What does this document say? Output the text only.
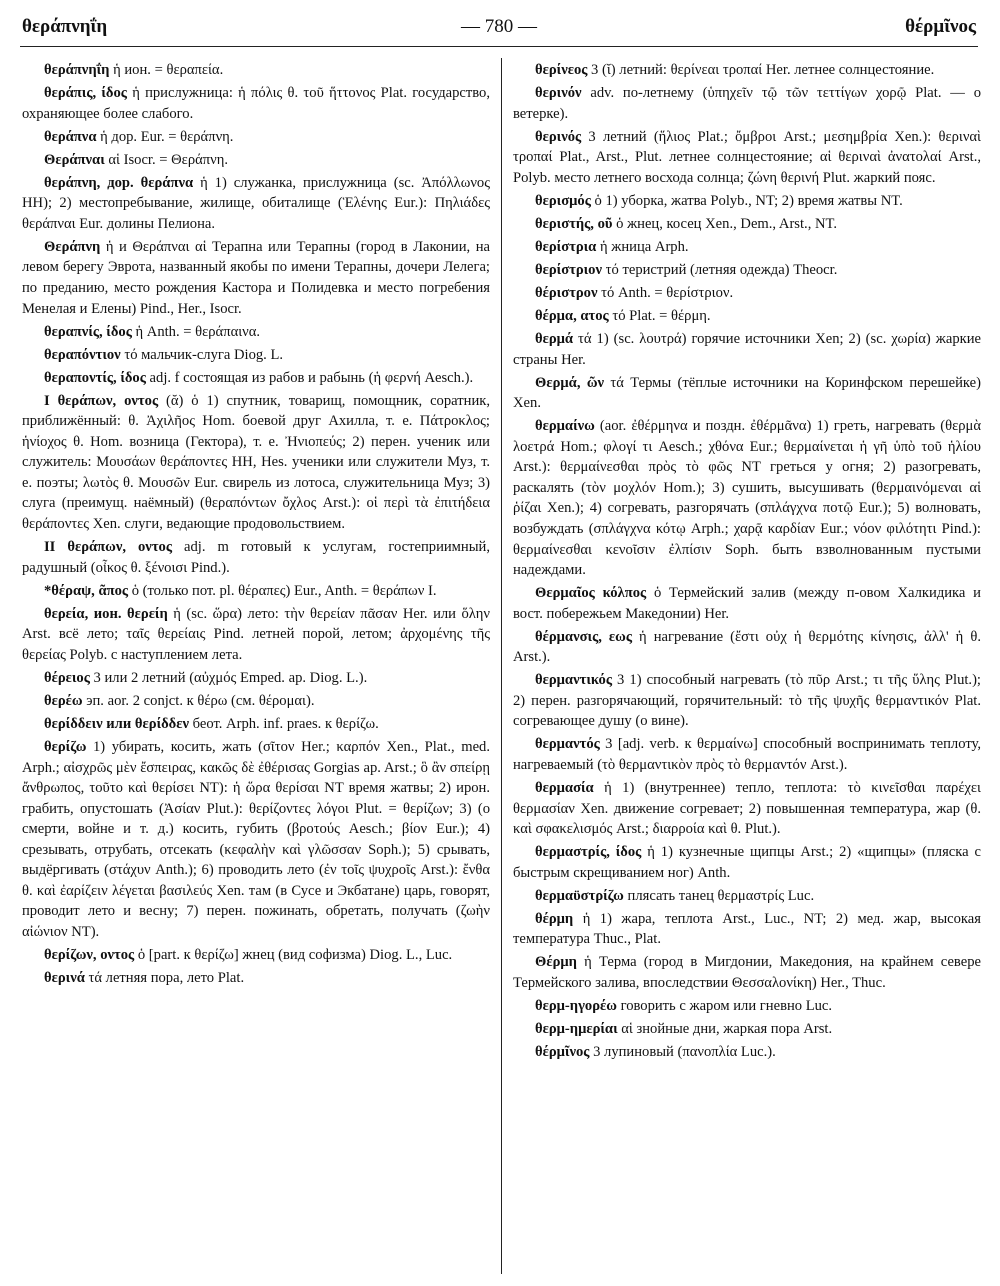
θεράπνηΐη	— 780 —	θέρμῖνος

θεράπνηΐη ἡ ион. = θεραπεία.

θεράπις, ίδος ἡ прислужница: ἡ πόλις θ. τοῦ ἥττονος Plat. государство, охраняющее более слабого.

θεράπνα ἡ дор. Eur. = θεράπνη.

Θεράπναι αἱ Isocr. = Θεράπνη.

θεράπνη, дор. θεράπνα ἡ 1) служанка, прислужница (sc. Ἀπόλλωνος HH); 2) местопребывание, жилище, обиталище (Ἑλένης Eur.): Πηλιάδες θεράπναι Eur. долины Пелиона.

Θεράπνη ἡ и Θεράπναι αἱ Терапна или Терапны (город в Лаконии, на левом берегу Эврота, названный якобы по имени Терапны, дочери Лелега; по преданию, место рождения Кастора и Полидевка и место погребения Менелая и Елены) Pind., Her., Isocr.

θεραπνίς, ίδος ἡ Anth. = θεράπαινα.

θεραπόντιον τό мальчик-слуга Diog. L.

θεραποντίς, ίδος adj. f состоящая из рабов и рабынь (ἡ φερνή Aesch.).

I θεράπων, οντος (ᾰ) ὁ 1) спутник, товарищ, помощник, соратник, приближённый: θ. Ἀχιλῆος Hom. боевой друг Ахилла, т. е. Πάτροκλος; ἡνίοχος θ. Hom. возница (Гектора), т. е. Ἠνιοπεύς; 2) перен. ученик или служитель: Μουσάων θεράποντες HH, Hes. ученики или служители Муз, т. е. поэты; λωτὸς θ. Μουσῶν Eur. свирель из лотоса, служительница Муз; 3) слуга (преимущ. наёмный) (θεραπόντων ὄχλος Arst.): οἱ περὶ τὰ ἐπιτήδεια θεράποντες Xen. слуги, ведающие продовольствием.

II θεράπων, οντος adj. m готовый к услугам, гостеприимный, радушный (οἶκος θ. ξένοισι Pind.).

*θέραψ, ᾶπος ὁ (только пот. pl. θέραπες) Eur., Anth. = θεράπων I.

θερεία, ион. θερείη ἡ (sc. ὥρα) лето: τὴν θερείαν πᾶσαν Her. или ὅλην Arst. всё лето; ταῖς θερείαις Pind. летней порой, летом; ἀρχομένης τῆς θερείας Polyb. с наступлением лета.

θέρειος 3 или 2 летний (αὐχμός Emped. ap. Diog. L.).

θερέω эп. aor. 2 conjct. к θέρω (см. θέρομαι).

θερίδδειν или θερίδδεν беот. Arph. inf. praes. к θερίζω.

θερίζω 1) убирать, косить, жать (σῖτον Her.; καρπόν Xen., Plat., med. Arph.; αἰσχρῶς μὲν ἔσπειρας, κακῶς δὲ ἐθέρισας Gorgias ap. Arst.; ὃ ἂν σπείρῃ ἄνθρωπος, τοῦτο καὶ θερίσει NT): ἡ ὥρα θερίσαι NT время жатвы; 2) ирон. грабить, опустошать (Ἀσίαν Plut.): θερίζοντες λόγοι Plut. = θερίζων; 3) (о смерти, войне и т. д.) косить, губить (βροτούς Aesch.; βίον Eur.); 4) срезывать, отрубать, отсекать (κεφαλὴν καὶ γλῶσσαν Soph.); 5) срывать, выдёргивать (στάχυν Anth.); 6) проводить лето (ἐν τοῖς ψυχροῖς Arst.): ἔνθα θ. καὶ ἐαρίζειν λέγεται βασιλεύς Xen. там (в Сусе и Экбатане) царь, говорят, проводит лето и весну; 7) перен. пожинать, обретать, получать (ζωὴν αἰώνιον NT).

θερίζων, οντος ὁ [part. к θερίζω] жнец (вид софизма) Diog. L., Luc.

θερινά τά летняя пора, лето Plat.

θερίνεος 3 (ῐ) летний: θερίνεαι τροπαί Her. летнее солнцестояние.

θερινόν adv. по-летнему (ὑπηχεῖν τῷ τῶν τεττίγων χορῷ Plat. — о ветерке).

θερινός 3 летний (ἥλιος Plat.; ὄμβροι Arst.; μεσημβρία Xen.): θεριναὶ τροπαί Plat., Arst., Plut. летнее солнцестояние; αἱ θεριναὶ ἀνατολαί Arst., Polyb. место летнего восхода солнца; ζώνη θερινή Plut. жаркий пояс.

θερισμός ὁ 1) уборка, жатва Polyb., NT; 2) время жатвы NT.

θεριστής, οῦ ὁ жнец, косец Xen., Dem., Arst., NT.

θερίστρια ἡ жница Arph.

θερίστριον τό теристрий (летняя одежда) Theocr.

θέριστρον τό Anth. = θερίστριον.

θέρμα, ατος τό Plat. = θέρμη.

θερμά τά 1) (sc. λουτρά) горячие источники Xen; 2) (sc. χωρία) жаркие страны Her.

Θερμά, ῶν τά Термы (тёплые источники на Коринфском перешейке) Xen.

θερμαίνω (aor. ἐθέρμηνα и поздн. ἐθέρμᾶνα) 1) греть, нагревать (θερμὰ λοετρά Hom.; φλογί τι Aesch.; χθόνα Eur.; θερμαίνεται ἡ γῆ ὑπὸ τοῦ ἡλίου Arst.): θερμαίνεσθαι πρὸς τὸ φῶς NT греться у огня; 2) разогревать, раскалять (τὸν μοχλόν Hom.); 3) сушить, высушивать (θερμαινόμεναι αἱ ῥίζαι Xen.); 4) согревать, разгорячать (σπλάγχνα ποτῷ Eur.); 5) волновать, возбуждать (σπλάγχνα κότῳ Arph.; χαρᾷ καρδίαν Eur.; νόον φιλότητι Pind.): θερμαίνεσθαι κενοῖσιν ἐλπίσιν Soph. быть взволнованным пустыми надеждами.

Θερμαῖος κόλπος ὁ Термейский залив (между п-овом Халкидика и вост. побережьем Македонии) Her.

θέρμανσις, εως ἡ нагревание (ἔστι οὐχ ἡ θερμότης κίνησις, ἀλλ' ἡ θ. Arst.).

θερμαντικός 3 1) способный нагревать (τὸ πῦρ Arst.; τι τῆς ὕλης Plut.); 2) перен. разгорячающий, горячительный: τὸ τῆς ψυχῆς θερμαντικόν Plat. согревающее душу (о вине).

θερμαντός 3 [adj. verb. к θερμαίνω] способный воспринимать теплоту, нагреваемый (τὸ θερμαντικὸν πρὸς τὸ θερμαντόν Arst.).

θερμασία ἡ 1) (внутреннее) тепло, теплота: τὸ κινεῖσθαι παρέχει θερμασίαν Xen. движение согревает; 2) повышенная температура, жар (θ. καὶ σφακελισμός Arst.; διαρροία καὶ θ. Plut.).

θερμαστρίς, ίδος ἡ 1) кузнечные щипцы Arst.; 2) «щипцы» (пляска с быстрым скрещиванием ног) Anth.

θερμαϋστρίζω плясать танец θερμαστρίς Luc.

θέρμη ἡ 1) жара, теплота Arst., Luc., NT; 2) мед. жар, высокая температура Thuc., Plat.

Θέρμη ἡ Терма (город в Мигдонии, Македония, на крайнем севере Термейского залива, впоследствии Θεσσαλονίκη) Her., Thuc.

θερμ-ηγορέω говорить с жаром или гневно Luc.

θερμ-ημερίαι αἱ знойные дни, жаркая пора Arst.

θέρμῖνος 3 лупиновый (πανοπλία Luc.).
